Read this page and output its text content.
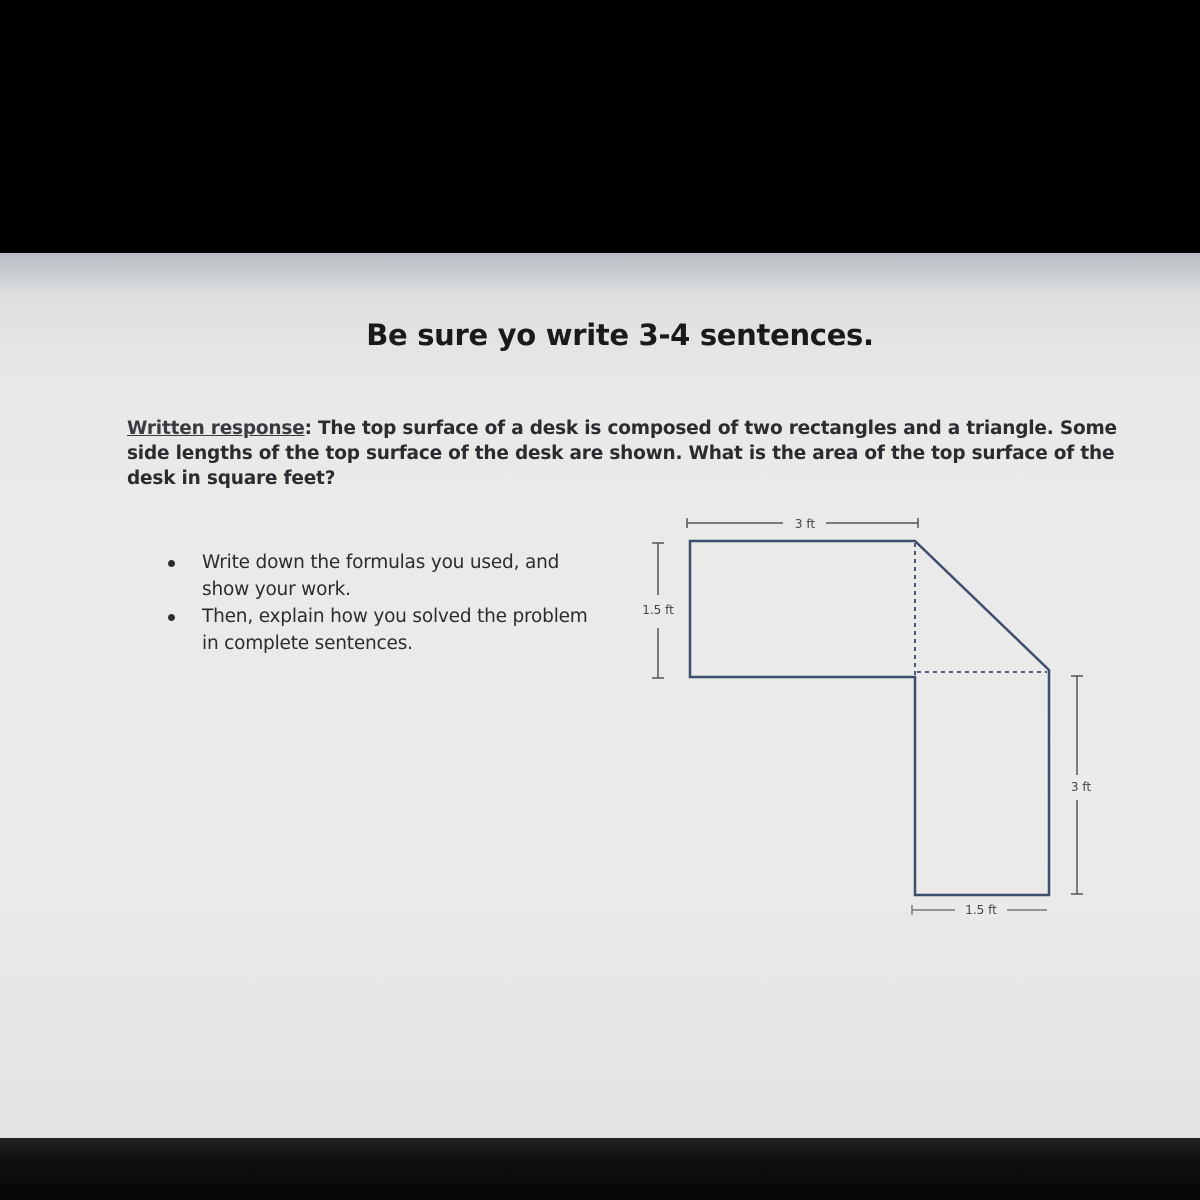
Be sure yo write 3-4 sentences.
Written response: The top surface of a desk is composed of two rectangles and a triangle. Some side lengths of the top surface of the desk are shown. What is the area of the top surface of the desk in square feet?
Write down the formulas you used, and show your work.
Then, explain how you solved the problem in complete sentences.
3 ft
1.5 ft
3 ft
1.5 ft
